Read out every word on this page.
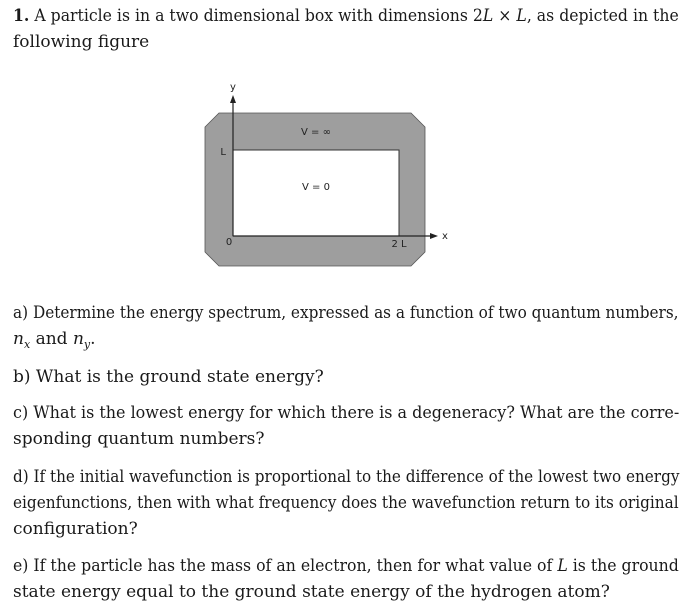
1. A particle is in a two dimensional box with dimensions 2L × L, as depicted in the
following figure
y
x
V = ∞
V = 0
L
0	2 L
a) Determine the energy spectrum, expressed as a function of two quantum numbers,
$n_x$ and $n_y$.
b) What is the ground state energy?
c) What is the lowest energy for which there is a degeneracy? What are the corre-
sponding quantum numbers?
d) If the initial wavefunction is proportional to the difference of the lowest two energy
eigenfunctions, then with what frequency does the wavefunction return to its original
configuration?
e) If the particle has the mass of an electron, then for what value of L is the ground
state energy equal to the ground state energy of the hydrogen atom?
